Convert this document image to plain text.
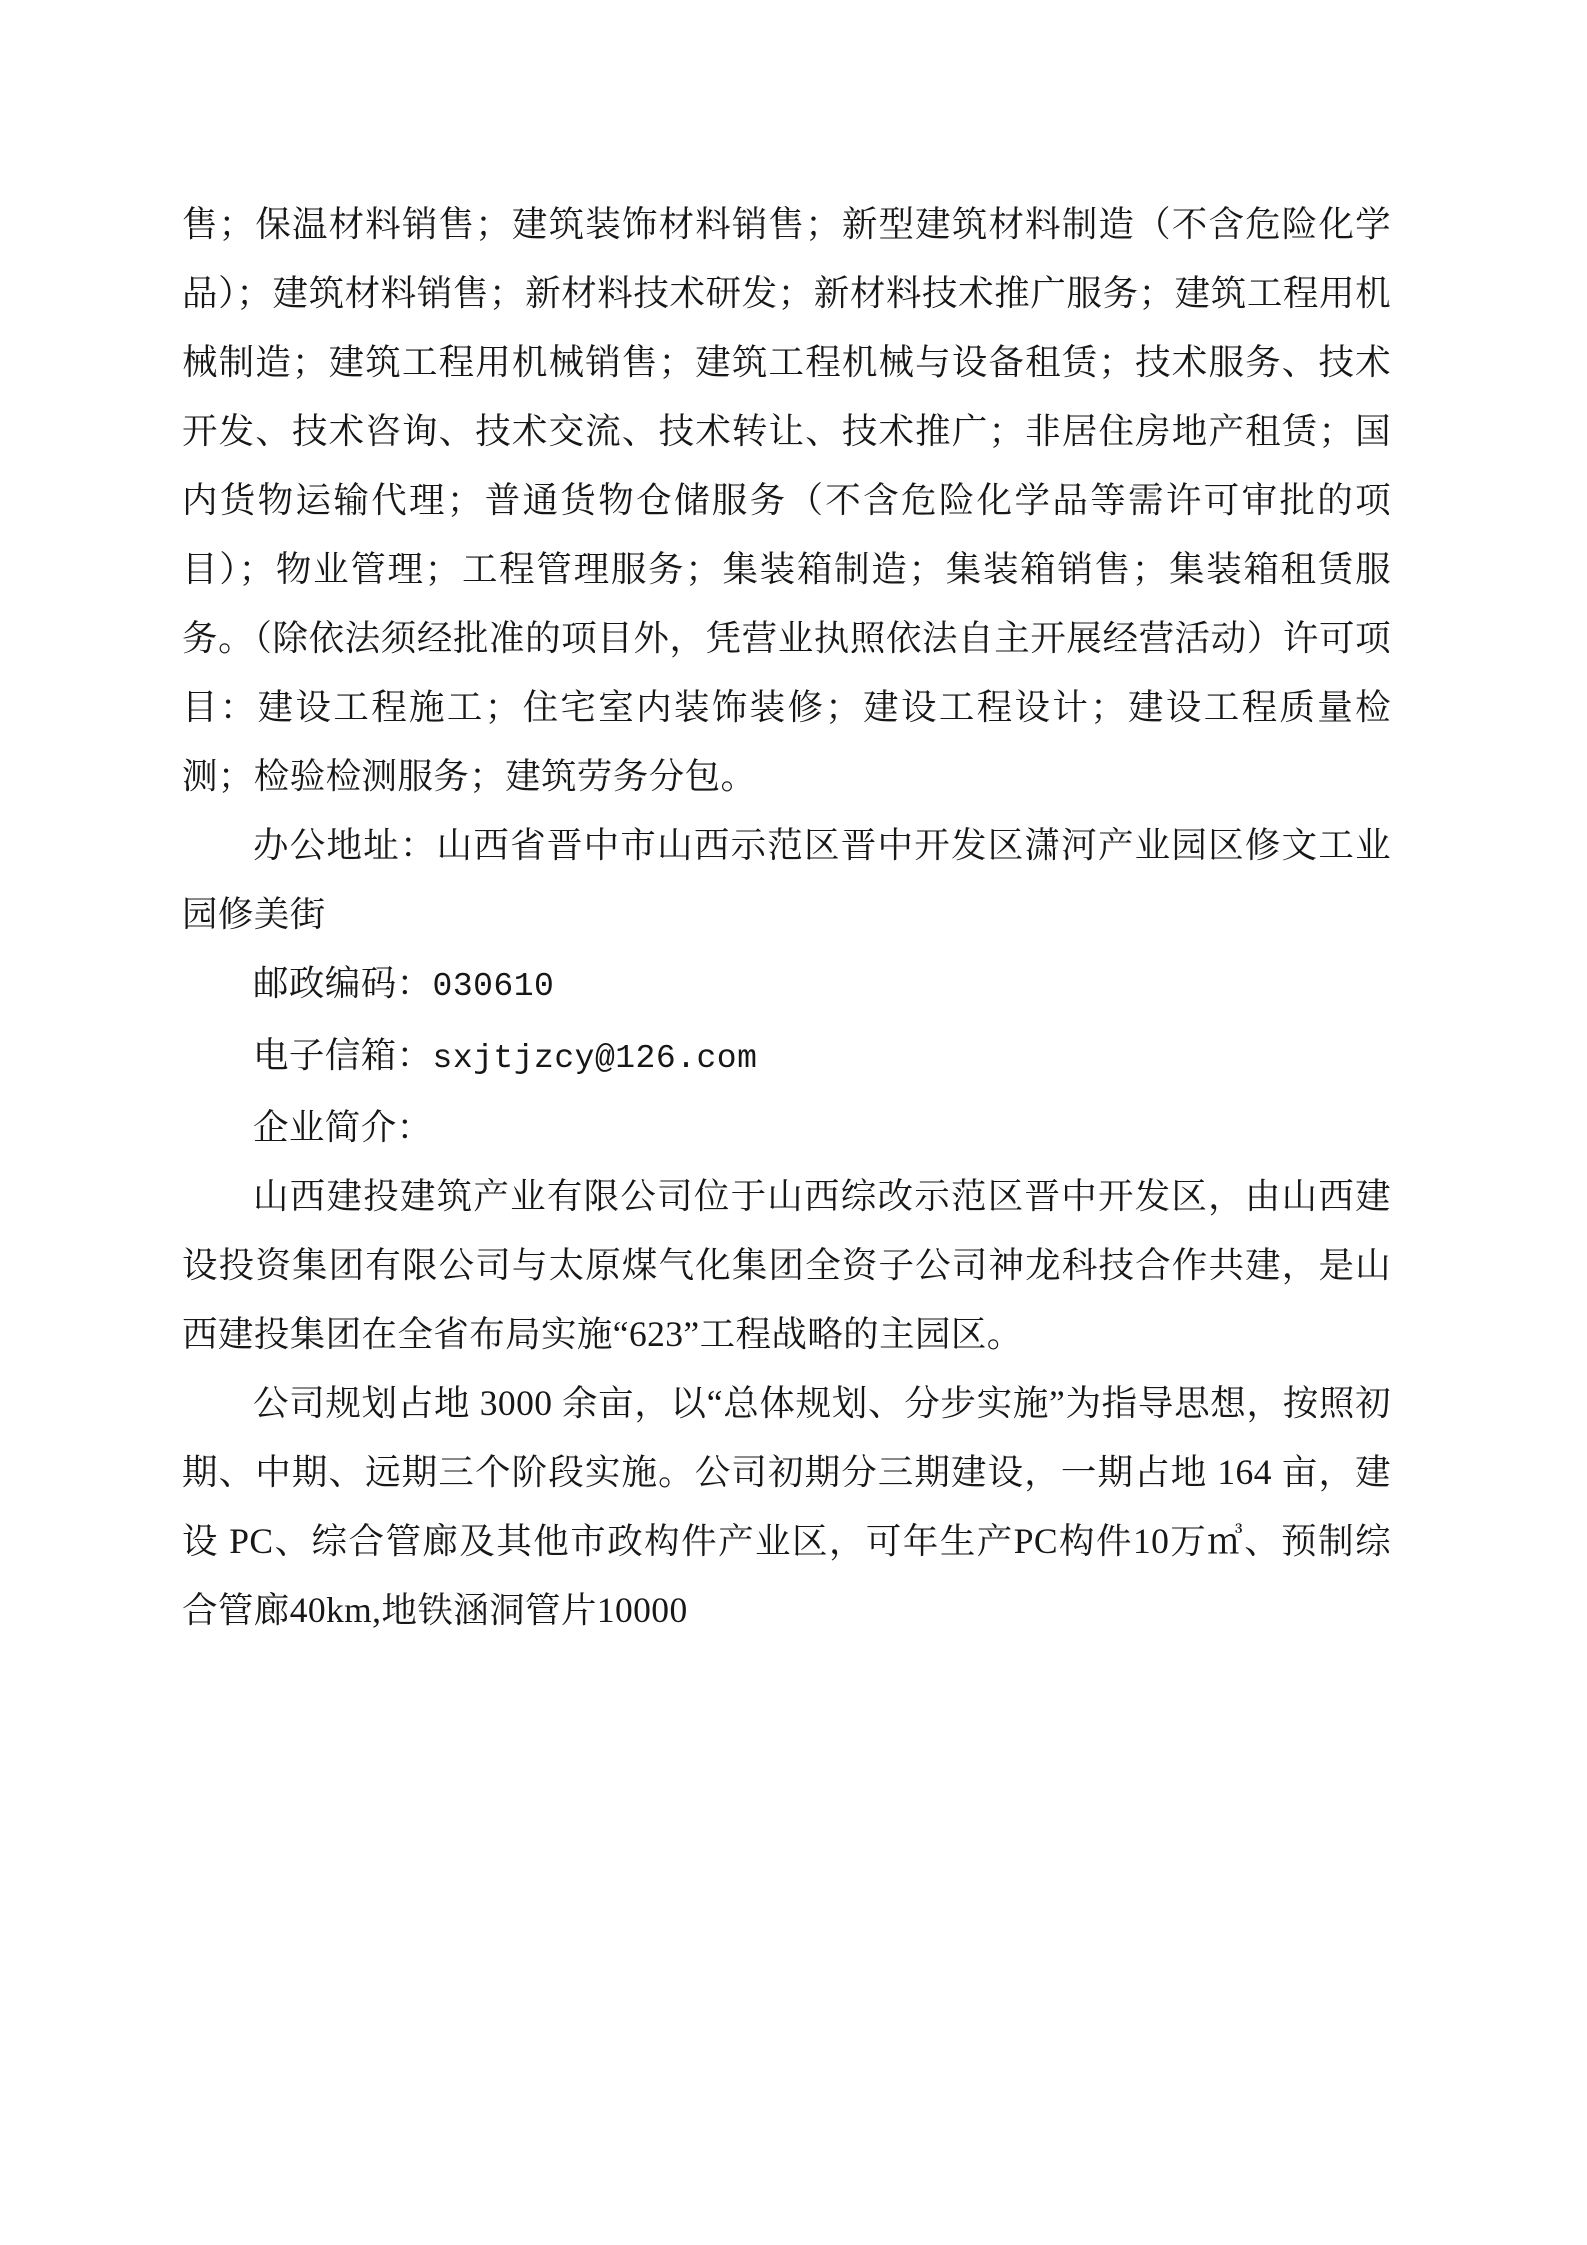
售；保温材料销售；建筑装饰材料销售；新型建筑材料制造（不含危险化学品）；建筑材料销售；新材料技术研发；新材料技术推广服务；建筑工程用机械制造；建筑工程用机械销售；建筑工程机械与设备租赁；技术服务、技术开发、技术咨询、技术交流、技术转让、技术推广；非居住房地产租赁；国内货物运输代理；普通货物仓储服务（不含危险化学品等需许可审批的项目）；物业管理；工程管理服务；集装箱制造；集装箱销售；集装箱租赁服务。（除依法须经批准的项目外，凭营业执照依法自主开展经营活动）许可项目：建设工程施工；住宅室内装饰装修；建设工程设计；建设工程质量检测；检验检测服务；建筑劳务分包。

办公地址：山西省晋中市山西示范区晋中开发区潇河产业园区修文工业园修美街

邮政编码：030610

电子信箱：sxjtjzcy@126.com

企业简介：

山西建投建筑产业有限公司位于山西综改示范区晋中开发区，由山西建设投资集团有限公司与太原煤气化集团全资子公司神龙科技合作共建，是山西建投集团在全省布局实施“623”工程战略的主园区。

公司规划占地 3000 余亩，以“总体规划、分步实施”为指导思想，按照初期、中期、远期三个阶段实施。公司初期分三期建设，一期占地 164 亩，建设 PC、综合管廊及其他市政构件产业区，可年生产PC构件10万㎥、预制综合管廊40km,地铁涵洞管片10000
